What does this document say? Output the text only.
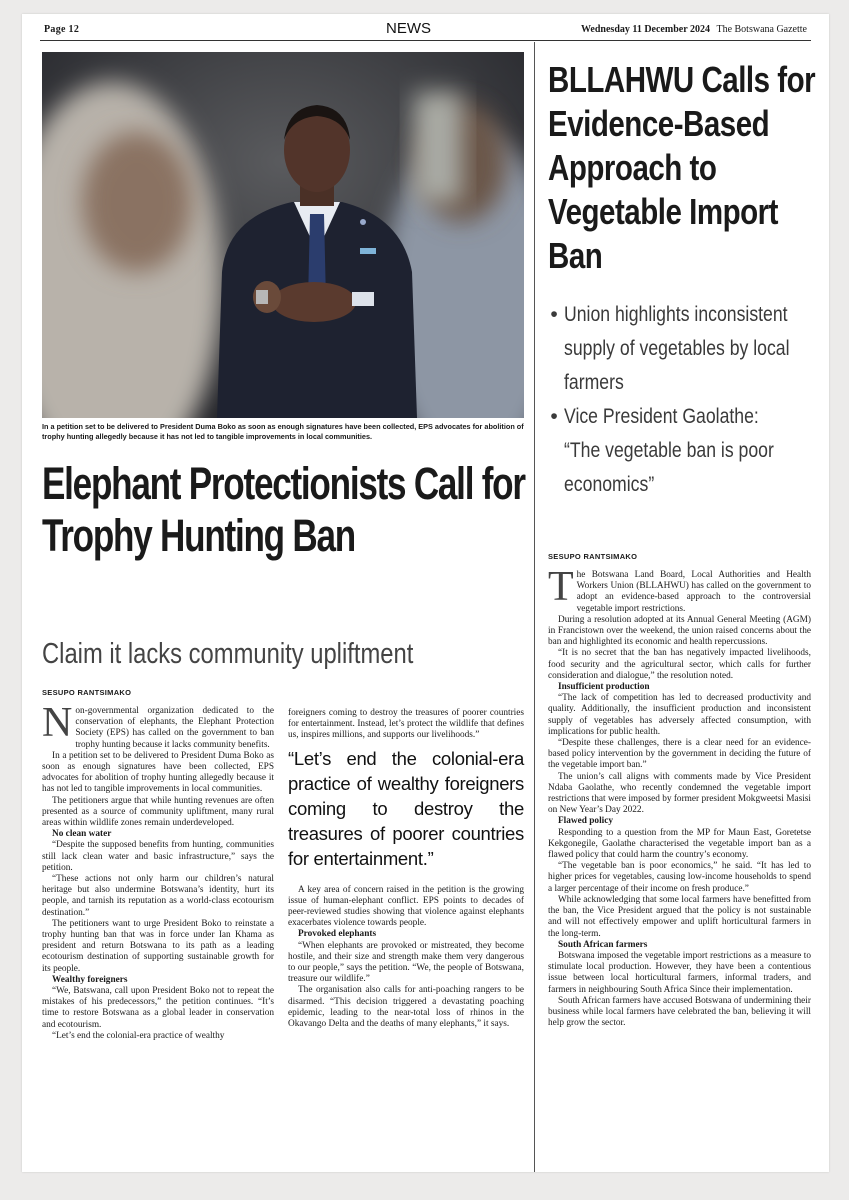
Page 12	NEWS	Wednesday 11 December 2024 The Botswana Gazette
In a petition set to be delivered to President Duma Boko as soon as enough signatures have been collected, EPS advocates for abolition of trophy hunting allegedly because it has not led to tangible improvements in local communities.
Elephant Protectionists Call for Trophy Hunting Ban
Claim it lacks community upliftment
SESUPO RANTSIMAKO
N on-governmental organization dedicated to the conservation of elephants, the Elephant Protection Society (EPS) has called on the government to ban trophy hunting because it lacks community benefits.

In a petition set to be delivered to President Duma Boko as soon as enough signatures have been collected, EPS advocates for abolition of trophy hunting allegedly because it has not led to tangible improvements in local communities.

The petitioners argue that while hunting revenues are often presented as a source of community upliftment, many rural areas within wildlife zones remain underdeveloped.

No clean water

“Despite the supposed benefits from hunting, communities still lack clean water and basic infrastructure,” says the petition.

“These actions not only harm our children’s natural heritage but also undermine Botswana’s identity, hurt its people, and tarnish its reputation as a world-class ecotourism destination.”

The petitioners want to urge President Boko to reinstate a trophy hunting ban that was in force under Ian Khama as president and return Botswana to its path as a leading ecotourism destination of supporting sustainable growth for its people.

Wealthy foreigners

“We, Batswana, call upon President Boko not to repeat the mistakes of his predecessors,” the petition continues. “It’s time to restore Botswana as a global leader in conservation and ecotourism.

“Let’s end the colonial-era practice of wealthy

foreigners coming to destroy the treasures of poorer countries for entertainment. Instead, let’s protect the wildlife that defines us, inspires millions, and supports our livelihoods.”

“Let’s end the colonial-era practice of wealthy foreigners coming to destroy the treasures of poorer countries for entertainment.”

A key area of concern raised in the petition is the growing issue of human-elephant conflict. EPS points to decades of peer-reviewed studies showing that violence against elephants exacerbates violence towards people.

Provoked elephants

“When elephants are provoked or mistreated, they become hostile, and their size and strength make them very dangerous to our people,” says the petition. “We, the people of Botswana, treasure our wildlife.”

The organisation also calls for anti-poaching rangers to be disarmed. “This decision triggered a devastating poaching epidemic, leading to the near-total loss of rhinos in the Okavango Delta and the deaths of many elephants,” it says.

BLLAHWU Calls for Evidence-Based Approach to Vegetable Import Ban
• Union highlights inconsistent supply of vegetables by local farmers
• Vice President Gaolathe: “The vegetable ban is poor economics”
SESUPO RANTSIMAKO
T he Botswana Land Board, Local Authorities and Health Workers Union (BLLAHWU) has called on the government to adopt an evidence-based approach to the controversial vegetable import restrictions.

During a resolution adopted at its Annual General Meeting (AGM) in Francistown over the weekend, the union raised concerns about the ban and highlighted its economic and health repercussions.

“It is no secret that the ban has negatively impacted livelihoods, food security and the agricultural sector, which calls for further consideration and dialogue,” the resolution noted.

Insufficient production

“The lack of competition has led to decreased productivity and quality. Additionally, the insufficient production and inconsistent supply of vegetables has adversely affected consumption, with implications for public health.

“Despite these challenges, there is a clear need for an evidence-based policy intervention by the government in deciding the future of the vegetable import ban.”

The union’s call aligns with comments made by Vice President Ndaba Gaolathe, who recently condemned the vegetable import restrictions that were imposed by former president Mokgweetsi Masisi on New Year’s Day 2022.

Flawed policy

Responding to a question from the MP for Maun East, Goretetse Kekgonegile, Gaolathe characterised the vegetable import ban as a flawed policy that could harm the country’s economy.

“The vegetable ban is poor economics,” he said. “It has led to higher prices for vegetables, causing low-income households to spend a larger percentage of their income on fresh produce.”

While acknowledging that some local farmers have benefitted from the ban, the Vice President argued that the policy is not sustainable and will not effectively empower and uplift horticultural farmers in the long-term.

South African farmers

Botswana imposed the vegetable import restrictions as a measure to stimulate local production. However, they have been a contentious issue between local horticultural farmers, informal traders, and farmers in neighbouring South Africa Since their implementation.

South African farmers have accused Botswana of undermining their business while local farmers have celebrated the ban, believing it will help grow the sector.
